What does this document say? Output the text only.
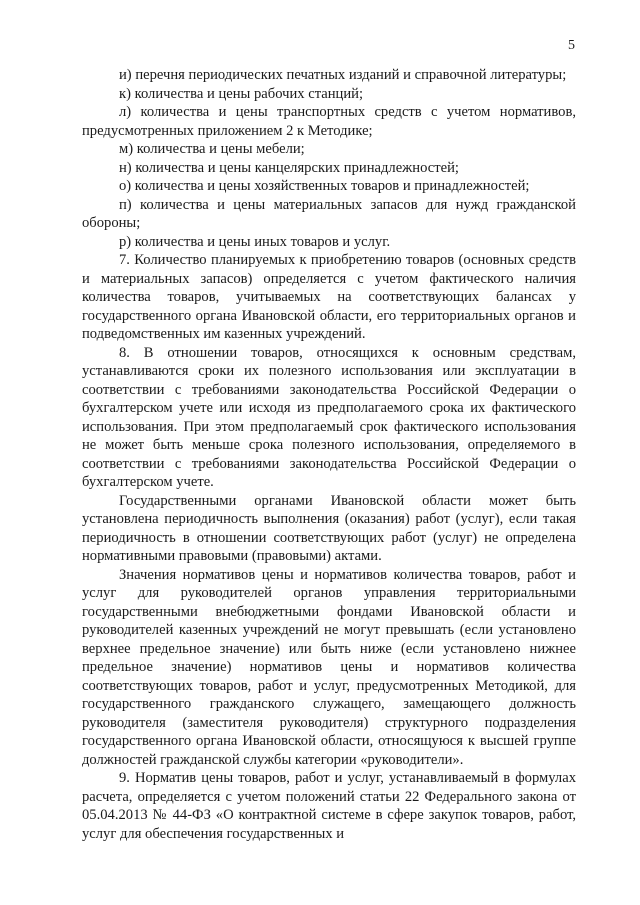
5

и) перечня периодических печатных изданий и справочной литературы;

к) количества и цены рабочих станций;

л) количества и цены транспортных средств с учетом нормативов, предусмотренных приложением 2 к Методике;

м) количества и цены мебели;

н) количества и цены канцелярских принадлежностей;

о) количества и цены хозяйственных товаров и принадлежностей;

п) количества и цены материальных запасов для нужд гражданской обороны;

р) количества и цены иных товаров и услуг.

7. Количество планируемых к приобретению товаров (основных средств и материальных запасов) определяется с учетом фактического наличия количества товаров, учитываемых на соответствующих балансах у государственного органа Ивановской области, его территориальных органов и подведомственных им казенных учреждений.

8. В отношении товаров, относящихся к основным средствам, устанавливаются сроки их полезного использования или эксплуатации в соответствии с требованиями законодательства Российской Федерации о бухгалтерском учете или исходя из предполагаемого срока их фактического использования. При этом предполагаемый срок фактического использования не может быть меньше срока полезного использования, определяемого в соответствии с требованиями законодательства Российской Федерации о бухгалтерском учете.

Государственными органами Ивановской области может быть установлена периодичность выполнения (оказания) работ (услуг), если такая периодичность в отношении соответствующих работ (услуг) не определена нормативными правовыми (правовыми) актами.

Значения нормативов цены и нормативов количества товаров, работ и услуг для руководителей органов управления территориальными государственными внебюджетными фондами Ивановской области и руководителей казенных учреждений не могут превышать (если установлено верхнее предельное значение) или быть ниже (если установлено нижнее предельное значение) нормативов цены и нормативов количества соответствующих товаров, работ и услуг, предусмотренных Методикой, для государственного гражданского служащего, замещающего должность руководителя (заместителя руководителя) структурного подразделения государственного органа Ивановской области, относящуюся к высшей группе должностей гражданской службы категории «руководители».

9. Норматив цены товаров, работ и услуг, устанавливаемый в формулах расчета, определяется с учетом положений статьи 22 Федерального закона от 05.04.2013 № 44-ФЗ «О контрактной системе в сфере закупок товаров, работ, услуг для обеспечения государственных и
